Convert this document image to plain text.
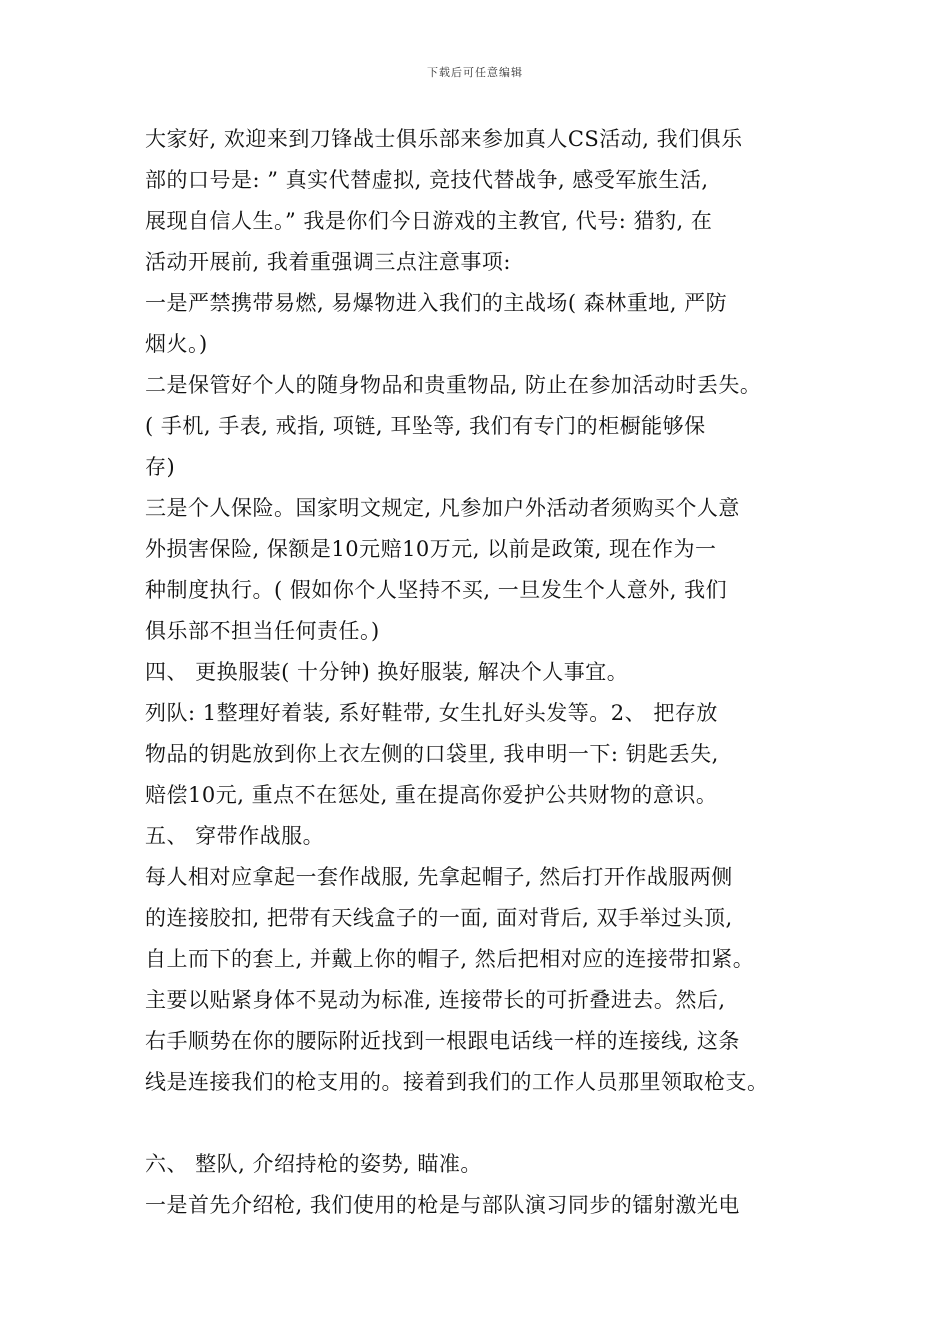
下载后可任意编辑
大家好, 欢迎来到刀锋战士俱乐部来参加真人CS活动, 我们俱乐
部的口号是: ” 真实代替虚拟, 竞技代替战争, 感受军旅生活,
展现自信人生。” 我是你们今日游戏的主教官, 代号: 猎豹, 在
活动开展前, 我着重强调三点注意事项:
一是严禁携带易燃, 易爆物进入我们的主战场( 森林重地, 严防
烟火。)
二是保管好个人的随身物品和贵重物品, 防止在参加活动时丢失。
( 手机, 手表, 戒指, 项链, 耳坠等, 我们有专门的柜橱能够保
存)
三是个人保险。国家明文规定, 凡参加户外活动者须购买个人意
外损害保险, 保额是10元赔10万元, 以前是政策, 现在作为一
种制度执行。( 假如你个人坚持不买, 一旦发生个人意外, 我们
俱乐部不担当任何责任。)
四、 更换服装( 十分钟) 换好服装, 解决个人事宜。
列队: 1整理好着装, 系好鞋带, 女生扎好头发等。2、 把存放
物品的钥匙放到你上衣左侧的口袋里, 我申明一下: 钥匙丢失,
赔偿10元, 重点不在惩处, 重在提高你爱护公共财物的意识。
五、 穿带作战服。
每人相对应拿起一套作战服, 先拿起帽子, 然后打开作战服两侧
的连接胶扣, 把带有天线盒子的一面, 面对背后, 双手举过头顶,
自上而下的套上, 并戴上你的帽子, 然后把相对应的连接带扣紧。
主要以贴紧身体不晃动为标准, 连接带长的可折叠进去。然后,
右手顺势在你的腰际附近找到一根跟电话线一样的连接线, 这条
线是连接我们的枪支用的。接着到我们的工作人员那里领取枪支。
六、 整队, 介绍持枪的姿势, 瞄准。
一是首先介绍枪, 我们使用的枪是与部队演习同步的镭射激光电
